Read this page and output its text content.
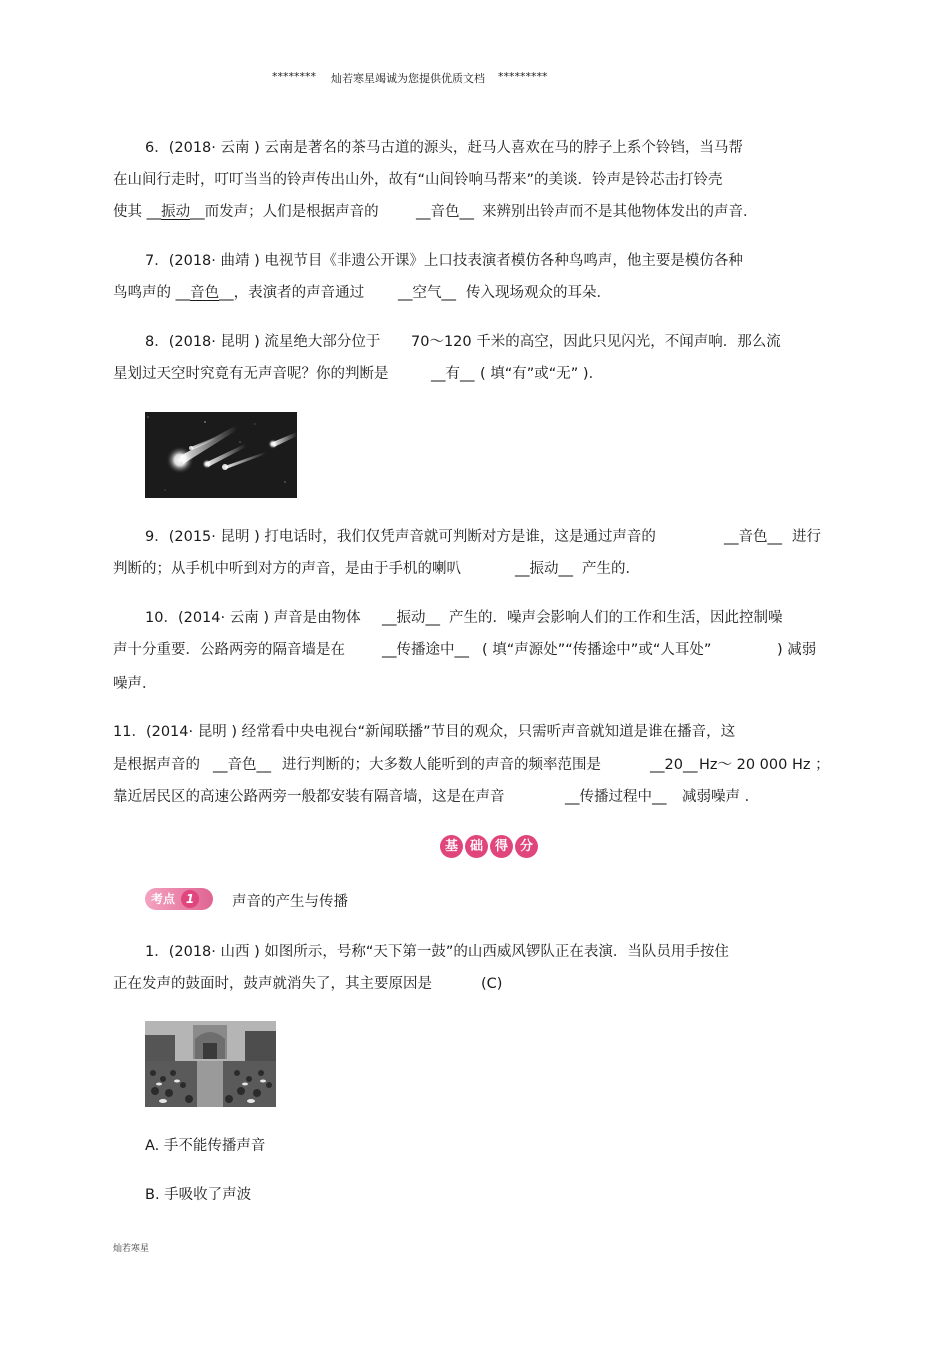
******** 灿若寒星竭诚为您提供优质文档 *********
6．(2018· 云南 ) 云南是著名的茶马古道的源头，赶马人喜欢在马的脖子上系个铃铛，当马帮
在山间行走时，叮叮当当的铃声传出山外，故有“山间铃响马帮来”的美谈．铃声是铃芯击打铃壳
使其 __振动__而发声；人们是根据声音的	__音色__ 来辨别出铃声而不是其他物体发出的声音．
7．(2018· 曲靖 ) 电视节目《非遗公开课》上口技表演者模仿各种鸟鸣声，他主要是模仿各种
鸟鸣声的 __音色__，表演者的声音通过 __空气__ 传入现场观众的耳朵．
8．(2018· 昆明 ) 流星绝大部分位于 70～120 千米的高空，因此只见闪光，不闻声响．那么流
星划过天空时究竟有无声音呢？你的判断是	__有__ ( 填“有”或“无” )．
9．(2015· 昆明 ) 打电话时，我们仅凭声音就可判断对方是谁，这是通过声音的	__音色__ 进行
判断的；从手机中听到对方的声音，是由于手机的喇叭	__振动__ 产生的．
10．(2014· 云南 ) 声音是由物体 __振动__ 产生的．噪声会影响人们的工作和生活，因此控制噪
声十分重要．公路两旁的隔音墙是在	__传播途中__ ( 填“声源处”“传播途中”或“人耳处”	) 减弱
噪声．
11．(2014· 昆明 ) 经常看中央电视台“新闻联播”节目的观众，只需听声音就知道是谁在播音，这
是根据声音的 __音色__ 进行判断的；大多数人能听到的声音的频率范围是	__20__ Hz～ 20 000 Hz ；
靠近居民区的高速公路两旁一般都安装有隔音墙，这是在声音	__传播过程中__ 减弱噪声 ．
基 础 得 分
考点 1	声音的产生与传播
1．(2018· 山西 ) 如图所示，号称“天下第一鼓”的山西威风锣队正在表演．当队员用手按住
正在发声的鼓面时，鼓声就消失了，其主要原因是	(C)
A. 手不能传播声音
B. 手吸收了声波
灿若寒星
